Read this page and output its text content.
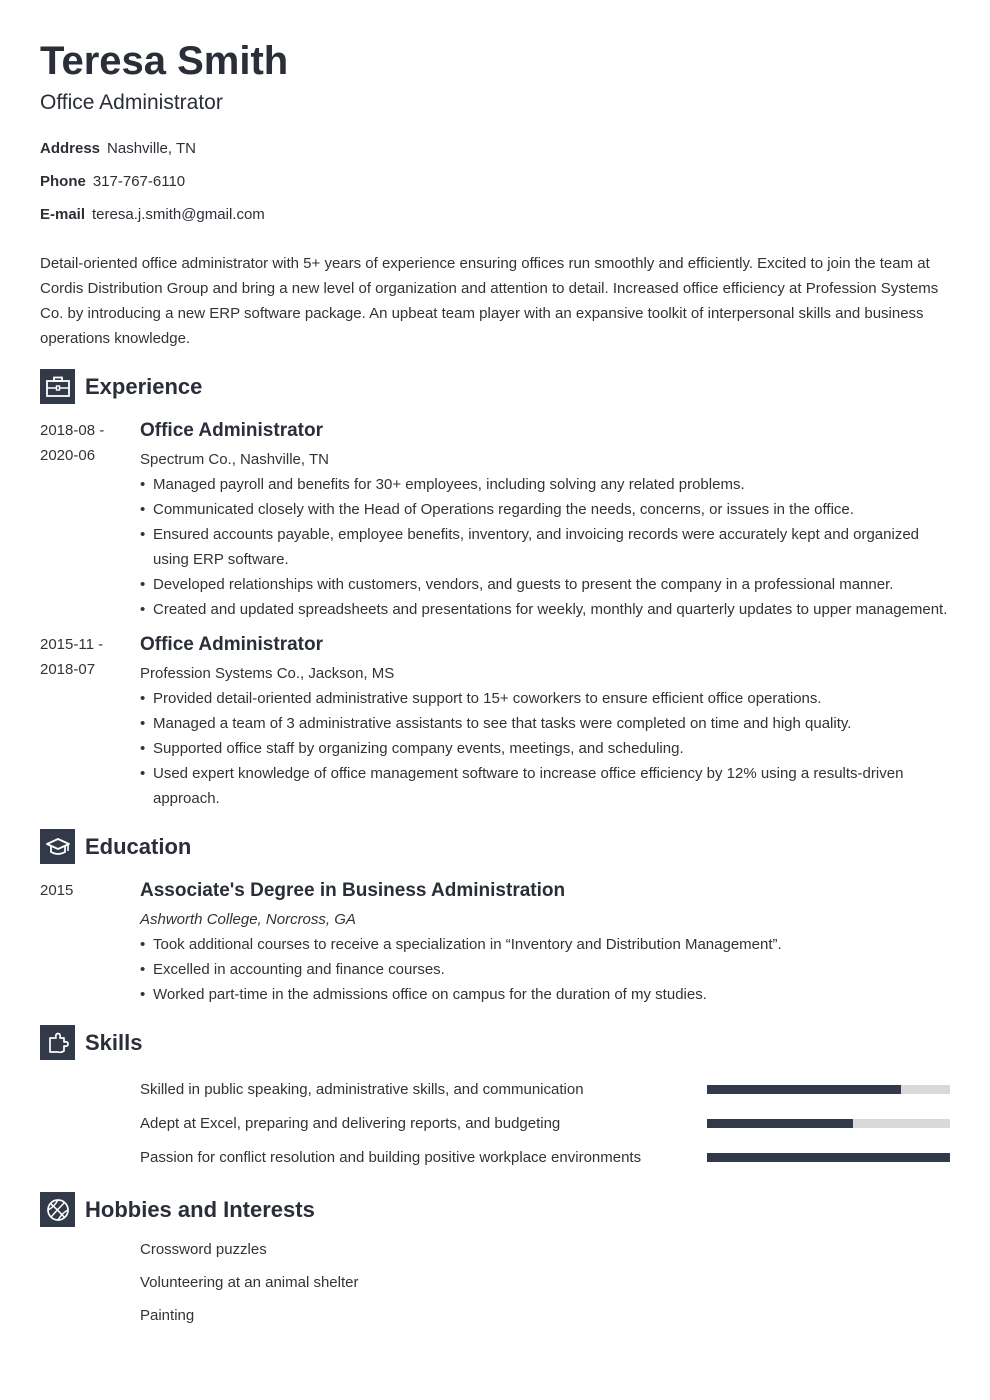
Teresa Smith
Office Administrator
Address Nashville, TN
Phone 317-767-6110
E-mail teresa.j.smith@gmail.com
Detail-oriented office administrator with 5+ years of experience ensuring offices run smoothly and efficiently. Excited to join the team at Cordis Distribution Group and bring a new level of organization and attention to detail. Increased office efficiency at Profession Systems Co. by introducing a new ERP software package. An upbeat team player with an expansive toolkit of interpersonal skills and business operations knowledge.
Experience
2018-08 -
2020-06
Office Administrator
Spectrum Co., Nashville, TN
• Managed payroll and benefits for 30+ employees, including solving any related problems.
• Communicated closely with the Head of Operations regarding the needs, concerns, or issues in the office.
• Ensured accounts payable, employee benefits, inventory, and invoicing records were accurately kept and organized using ERP software.
• Developed relationships with customers, vendors, and guests to present the company in a professional manner.
• Created and updated spreadsheets and presentations for weekly, monthly and quarterly updates to upper management.
2015-11 -
2018-07
Office Administrator
Profession Systems Co., Jackson, MS
• Provided detail-oriented administrative support to 15+ coworkers to ensure efficient office operations.
• Managed a team of 3 administrative assistants to see that tasks were completed on time and high quality.
• Supported office staff by organizing company events, meetings, and scheduling.
• Used expert knowledge of office management software to increase office efficiency by 12% using a results-driven approach.
Education
2015	Associate's Degree in Business Administration
Ashworth College, Norcross, GA
• Took additional courses to receive a specialization in “Inventory and Distribution Management”.
• Excelled in accounting and finance courses.
• Worked part-time in the admissions office on campus for the duration of my studies.
Skills
Skilled in public speaking, administrative skills, and communication
Adept at Excel, preparing and delivering reports, and budgeting
Passion for conflict resolution and building positive workplace environments
Hobbies and Interests
Crossword puzzles
Volunteering at an animal shelter
Painting
